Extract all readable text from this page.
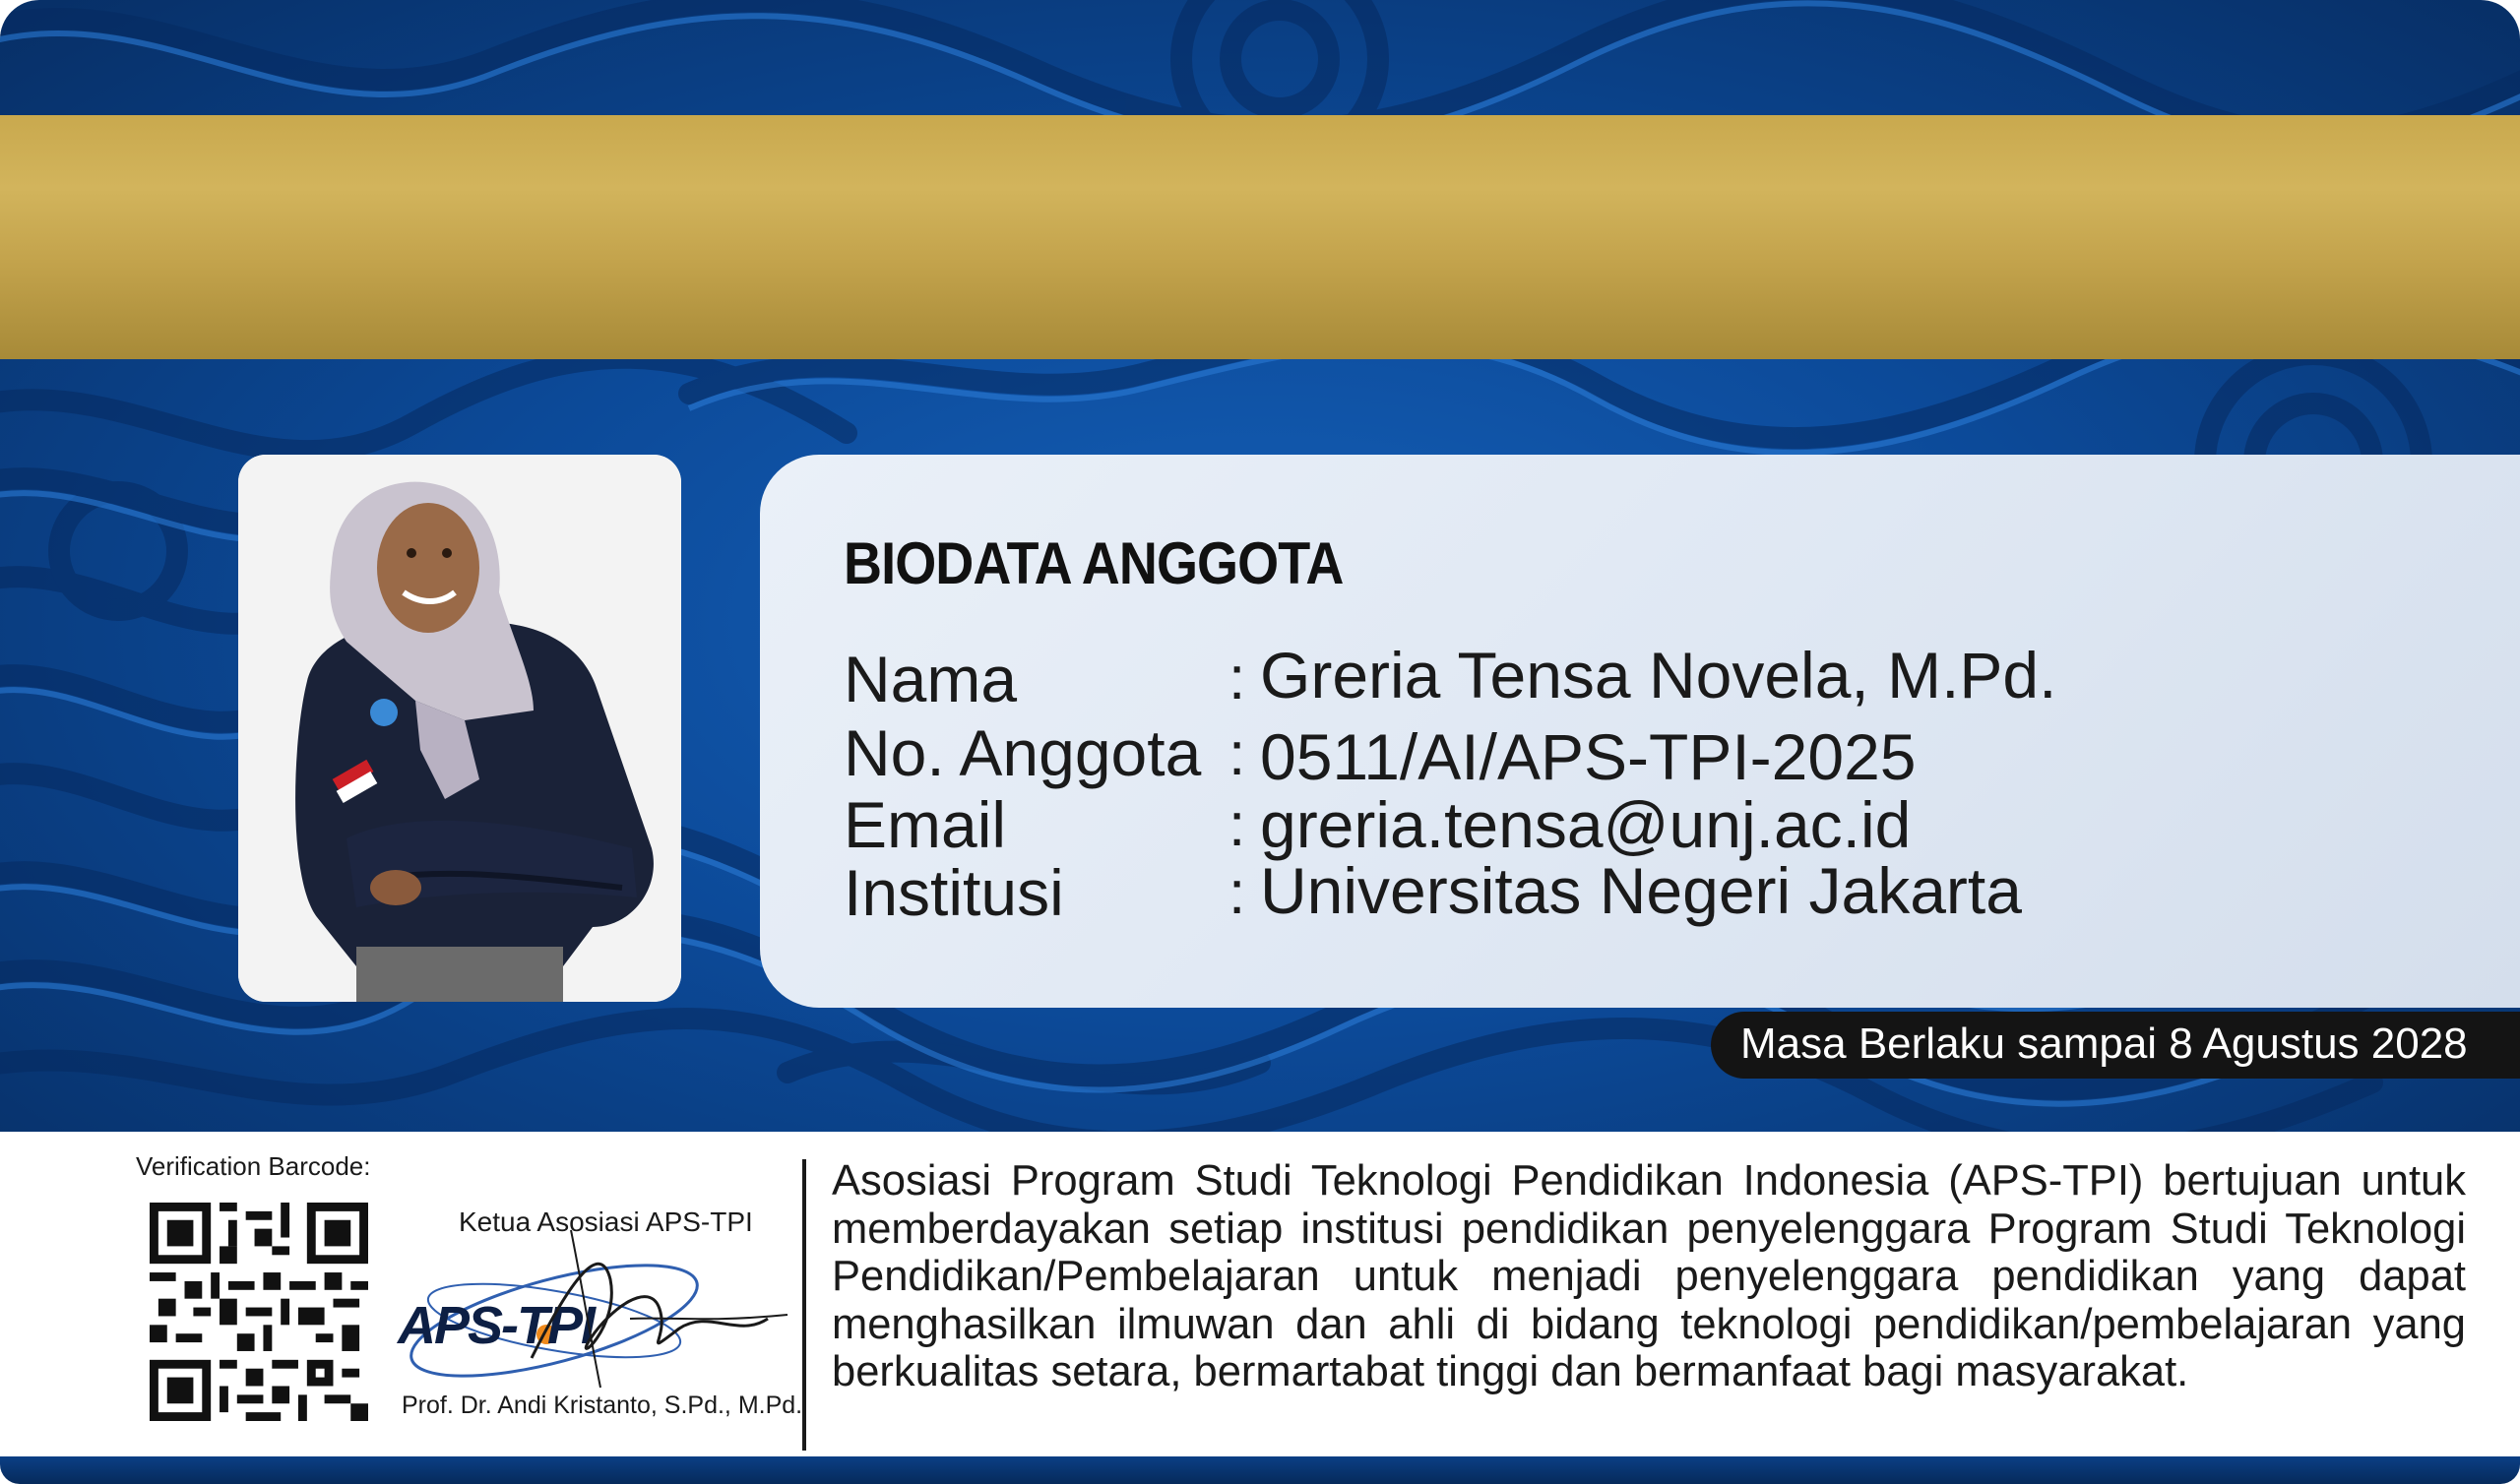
BIODATA ANGGOTA
Nama	: Greria Tensa Novela, M.Pd.
No. Anggota : 0511/AI/APS-TPI-2025
Email	: greria.tensa@unj.ac.id
Institusi	: Universitas Negeri Jakarta
Masa Berlaku sampai 8 Agustus 2028
Verification Barcode:
Ketua Asosiasi APS-TPI
APS-TPI
Prof. Dr. Andi Kristanto, S.Pd., M.Pd.
Asosiasi Program Studi Teknologi Pendidikan Indonesia (APS-TPI) bertujuan untuk memberdayakan setiap institusi pendidikan penyelenggara Program Studi Teknologi Pendidikan/Pembelajaran untuk menjadi penyelenggara pendidikan yang dapat menghasilkan ilmuwan dan ahli di bidang teknologi pendidikan/pembelajaran yang berkualitas setara, bermartabat tinggi dan bermanfaat bagi masyarakat.
